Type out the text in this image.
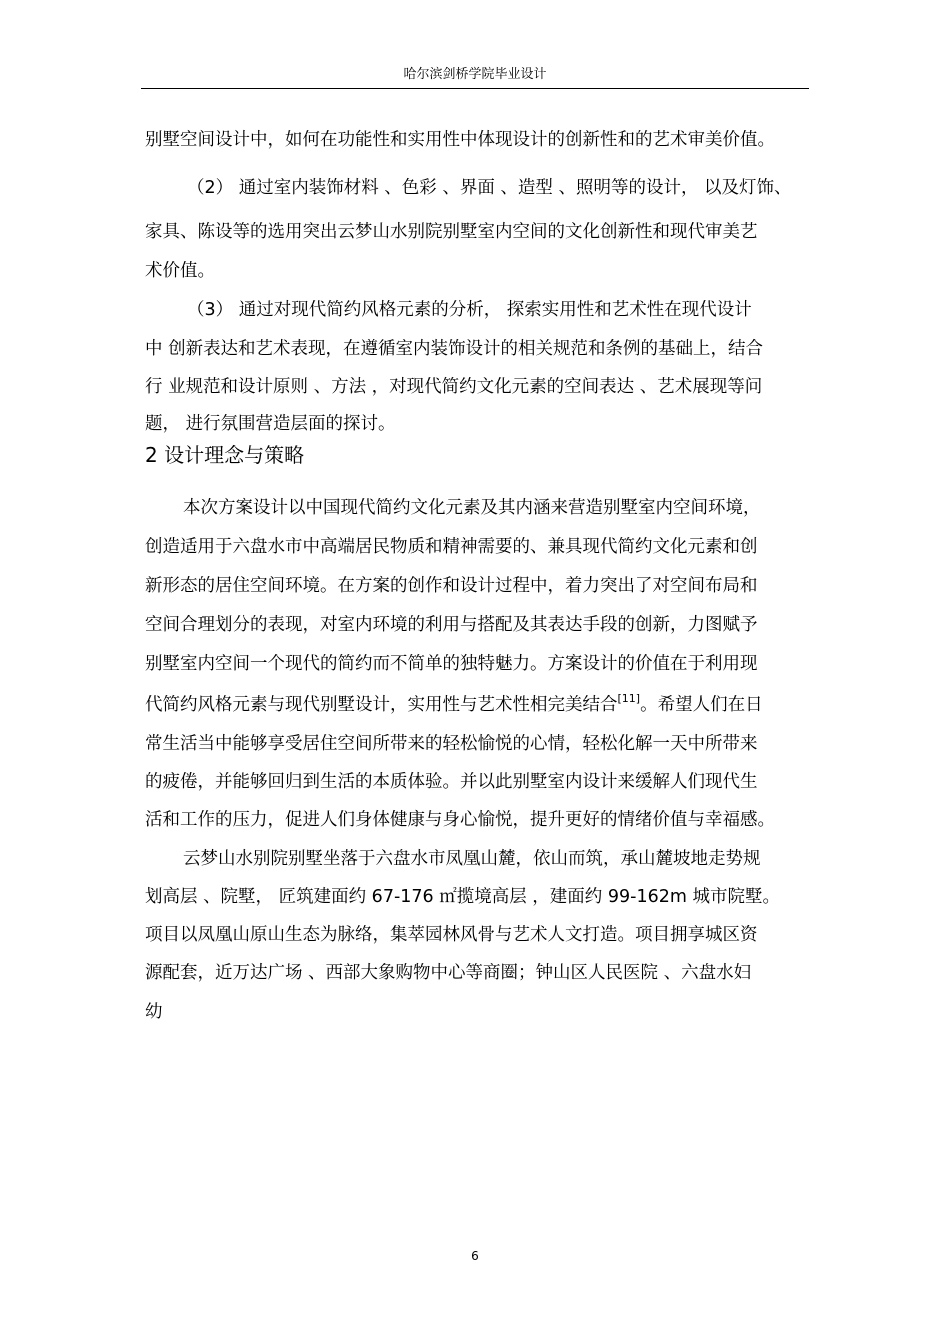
哈尔滨剑桥学院毕业设计
别墅空间设计中，如何在功能性和实用性中体现设计的创新性和的艺术审美价值。
（2） 通过室内装饰材料 、色彩 、界面 、造型 、照明等的设计， 以及灯饰、
家具、陈设等的选用突出云梦山水别院别墅室内空间的文化创新性和现代审美艺
术价值。
（3） 通过对现代简约风格元素的分析， 探索实用性和艺术性在现代设计
中 创新表达和艺术表现，在遵循室内装饰设计的相关规范和条例的基础上，结合
行 业规范和设计原则 、方法 ，对现代简约文化元素的空间表达 、艺术展现等问
题， 进行氛围营造层面的探讨。
2 设计理念与策略
本次方案设计以中国现代简约文化元素及其内涵来营造别墅室内空间环境，
创造适用于六盘水市中高端居民物质和精神需要的、兼具现代简约文化元素和创
新形态的居住空间环境。在方案的创作和设计过程中，着力突出了对空间布局和
空间合理划分的表现，对室内环境的利用与搭配及其表达手段的创新，力图赋予
别墅室内空间一个现代的简约而不简单的独特魅力。方案设计的价值在于利用现
代简约风格元素与现代别墅设计，实用性与艺术性相完美结合[11]。希望人们在日
常生活当中能够享受居住空间所带来的轻松愉悦的心情，轻松化解一天中所带来
的疲倦，并能够回归到生活的本质体验。并以此别墅室内设计来缓解人们现代生
活和工作的压力，促进人们身体健康与身心愉悦，提升更好的情绪价值与幸福感。
云梦山水别院别墅坐落于六盘水市凤凰山麓，依山而筑，承山麓坡地走势规
划高层 、院墅， 匠筑建面约 67-176 ㎡揽境高层 ，建面约 99-162m 城市院墅。
项目以凤凰山原山生态为脉络，集萃园林风骨与艺术人文打造。项目拥享城区资
源配套，近万达广场 、西部大象购物中心等商圈；钟山区人民医院 、六盘水妇
幼
6
